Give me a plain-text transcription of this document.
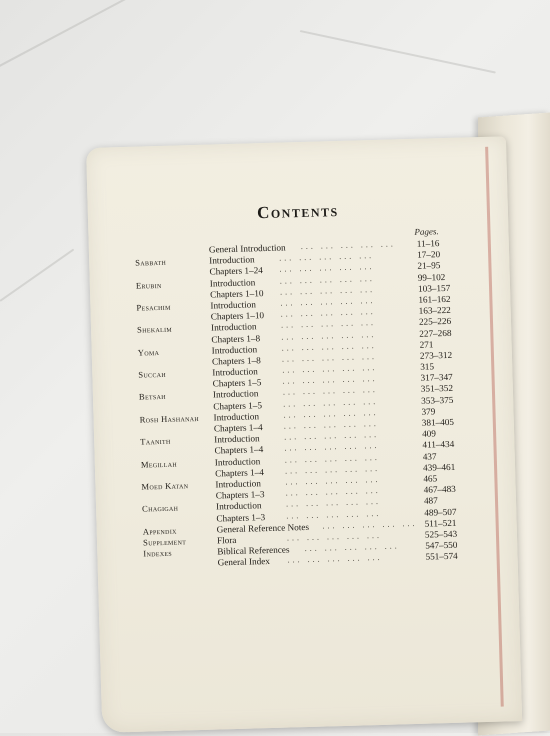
Contents
Pages.
General Introduction ... ... ... ... ... 11–16
Sabbath	Introduction	... ... ... ... ...	17–20
Chapters 1–24 ... ... ... ... ...	21–95
Erubin	Introduction	... ... ... ... ...	99–102
Chapters 1–10 ... ... ... ... ...	103–157
Pesachim	Introduction	... ... ... ... ...	161–162
Chapters 1–10 ... ... ... ... ...	163–222
Shekalim	Introduction	... ... ... ... ...	225–226
Chapters 1–8	... ... ... ... ...	227–268
Yoma	Introduction	... ... ... ... ...	271
Chapters 1–8	... ... ... ... ...	273–312
Succah	Introduction	... ... ... ... ...	315
Chapters 1–5	... ... ... ... ...	317–347
Betsah	Introduction	... ... ... ... ...	351–352
Chapters 1–5	... ... ... ... ...	353–375
Rosh Hashanah Introduction	... ... ... ... ...	379
Chapters 1–4	... ... ... ... ...	381–405
Taanith	Introduction	... ... ... ... ...	409
Chapters 1–4	... ... ... ... ...	411–434
Megillah	Introduction	... ... ... ... ...	437
Chapters 1–4	... ... ... ... ...	439–461
Moed Katan	Introduction	... ... ... ... ...	465
Chapters 1–3	... ... ... ... ...	467–483
Chagigah	Introduction	... ... ... ... ...	487
Chapters 1–3	... ... ... ... ...	489–507
Appendix	General Reference Notes ... ... ... ... ... 511–521
Supplement	Flora	... ... ... ... ...	525–543
Indexes	Biblical References ... ... ... ... ...	547–550
General Index ... ... ... ... ...	551–574
